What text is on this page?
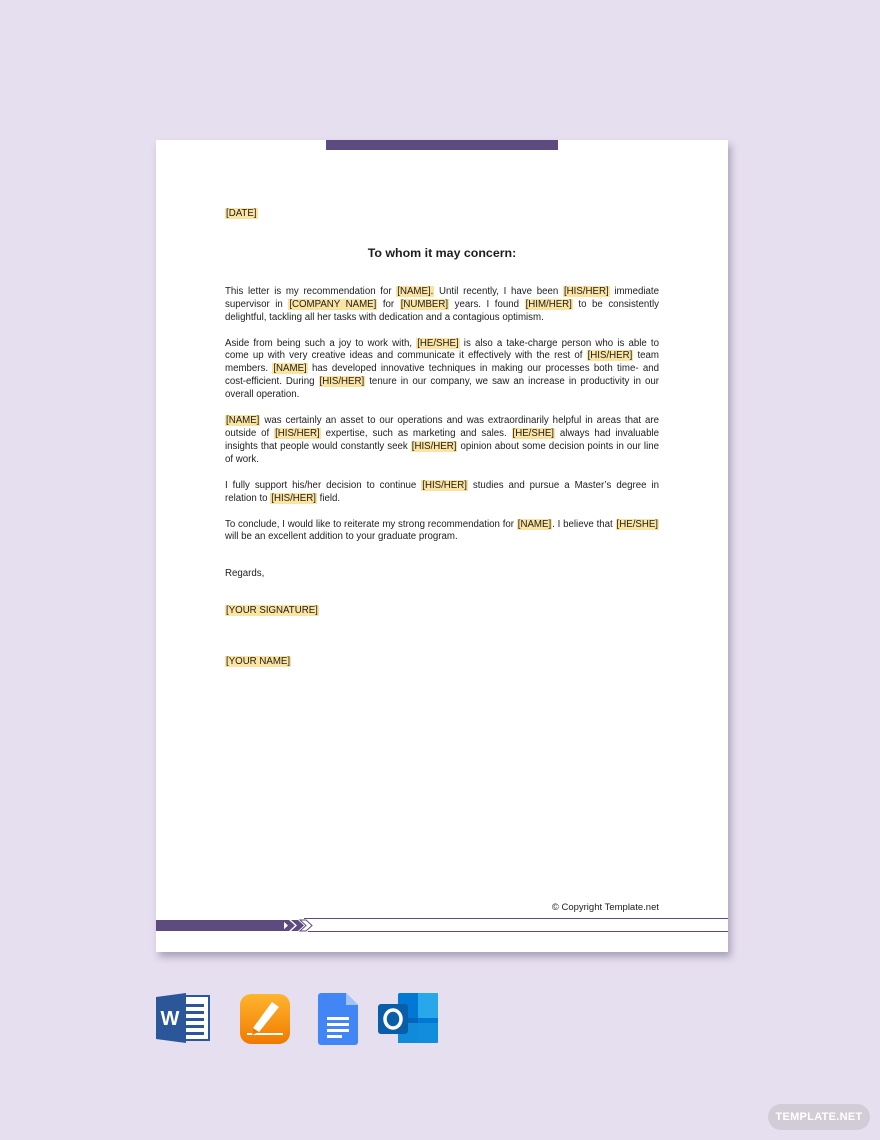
[DATE]

To whom it may concern:

This letter is my recommendation for [NAME]. Until recently, I have been [HIS/HER] immediate supervisor in [COMPANY NAME] for [NUMBER] years. I found [HIM/HER] to be consistently delightful, tackling all her tasks with dedication and a contagious optimism.

Aside from being such a joy to work with, [HE/SHE] is also a take-charge person who is able to come up with very creative ideas and communicate it effectively with the rest of [HIS/HER] team members. [NAME] has developed innovative techniques in making our processes both time- and cost-efficient. During [HIS/HER] tenure in our company, we saw an increase in productivity in our overall operation.

[NAME] was certainly an asset to our operations and was extraordinarily helpful in areas that are outside of [HIS/HER] expertise, such as marketing and sales. [HE/SHE] always had invaluable insights that people would constantly seek [HIS/HER] opinion about some decision points in our line of work.

I fully support his/her decision to continue [HIS/HER] studies and pursue a Master’s degree in relation to [HIS/HER] field.

To conclude, I would like to reiterate my strong recommendation for [NAME]. I believe that [HE/SHE] will be an excellent addition to your graduate program.

Regards,

[YOUR SIGNATURE]

[YOUR NAME]

© Copyright Template.net
W
TEMPLATE.NET
